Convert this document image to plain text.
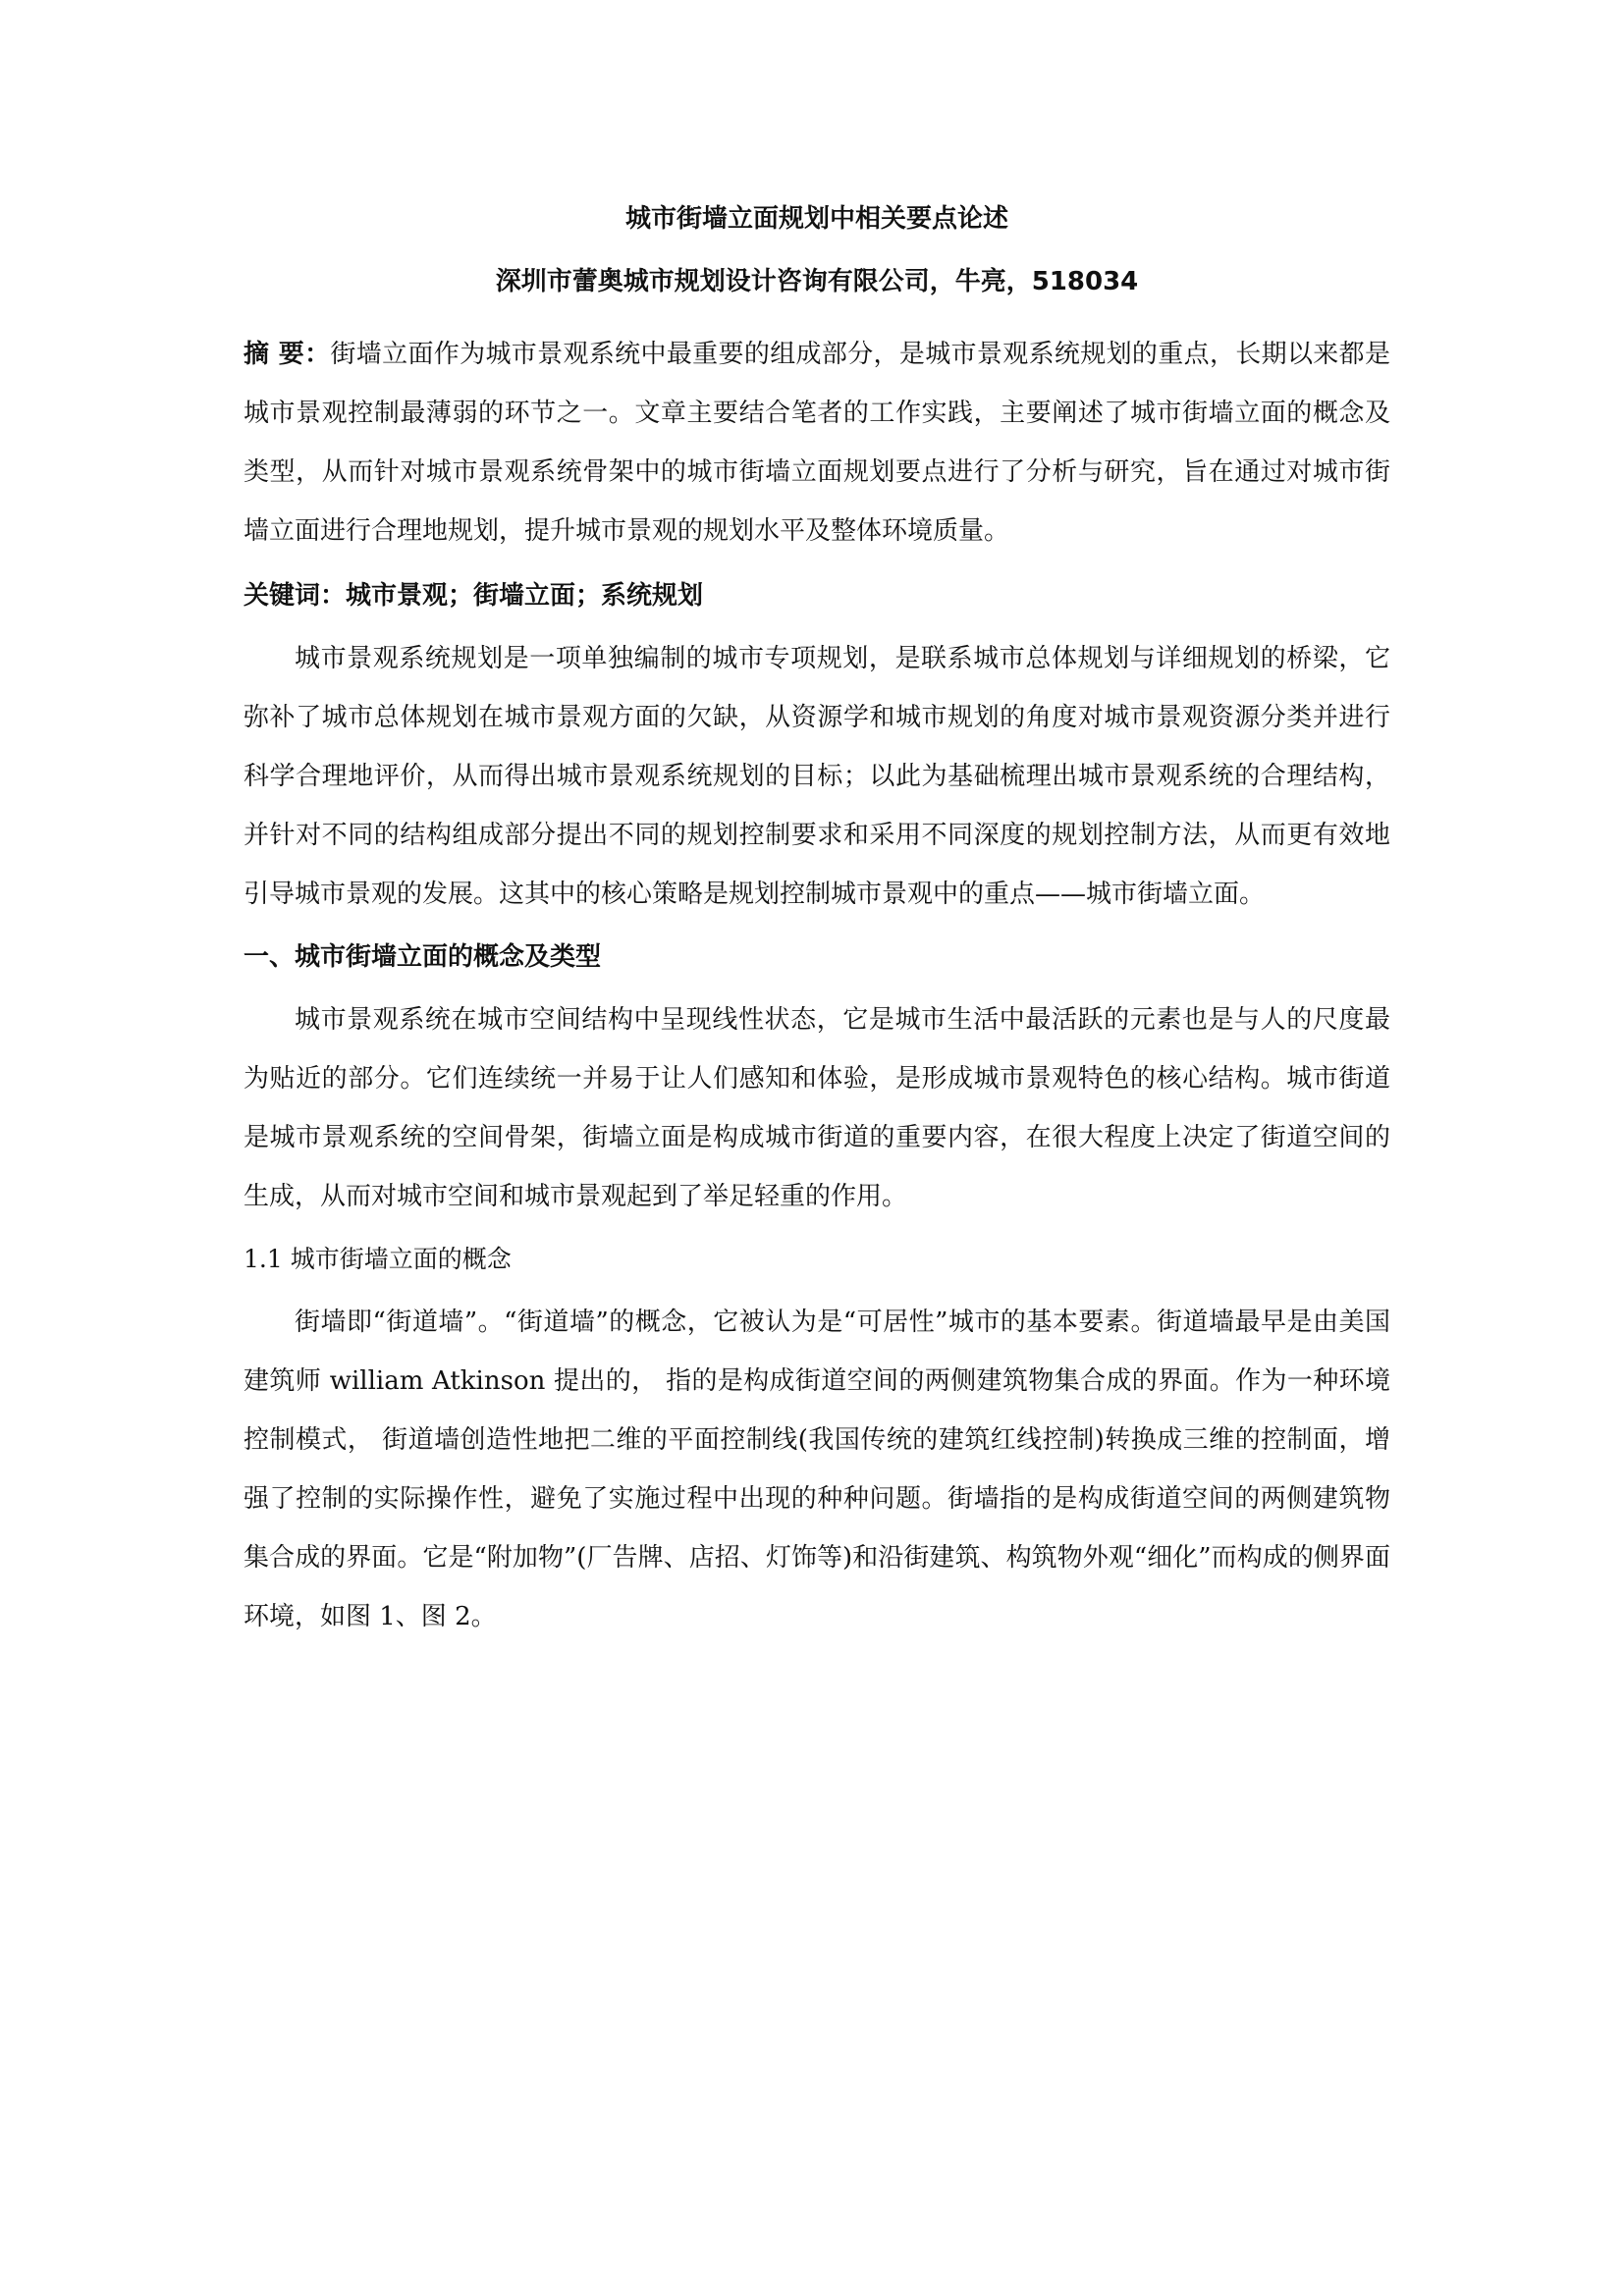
城市街墙立面规划中相关要点论述
深圳市蕾奥城市规划设计咨询有限公司，牛亮，518034

摘 要：街墙立面作为城市景观系统中最重要的组成部分，是城市景观系统规划的重点，长期以来都是城市景观控制最薄弱的环节之一。文章主要结合笔者的工作实践，主要阐述了城市街墙立面的概念及类型，从而针对城市景观系统骨架中的城市街墙立面规划要点进行了分析与研究，旨在通过对城市街墙立面进行合理地规划，提升城市景观的规划水平及整体环境质量。

关键词：城市景观；街墙立面；系统规划

城市景观系统规划是一项单独编制的城市专项规划，是联系城市总体规划与详细规划的桥梁，它弥补了城市总体规划在城市景观方面的欠缺，从资源学和城市规划的角度对城市景观资源分类并进行科学合理地评价，从而得出城市景观系统规划的目标；以此为基础梳理出城市景观系统的合理结构，并针对不同的结构组成部分提出不同的规划控制要求和采用不同深度的规划控制方法，从而更有效地引导城市景观的发展。这其中的核心策略是规划控制城市景观中的重点——城市街墙立面。

一、城市街墙立面的概念及类型

城市景观系统在城市空间结构中呈现线性状态，它是城市生活中最活跃的元素也是与人的尺度最为贴近的部分。它们连续统一并易于让人们感知和体验，是形成城市景观特色的核心结构。城市街道是城市景观系统的空间骨架，街墙立面是构成城市街道的重要内容，在很大程度上决定了街道空间的生成，从而对城市空间和城市景观起到了举足轻重的作用。

1.1 城市街墙立面的概念

街墙即“街道墙”。“街道墙”的概念，它被认为是“可居性”城市的基本要素。街道墙最早是由美国建筑师 william Atkinson 提出的， 指的是构成街道空间的两侧建筑物集合成的界面。作为一种环境控制模式， 街道墙创造性地把二维的平面控制线(我国传统的建筑红线控制)转换成三维的控制面，增强了控制的实际操作性，避免了实施过程中出现的种种问题。街墙指的是构成街道空间的两侧建筑物集合成的界面。它是“附加物”(厂告牌、店招、灯饰等)和沿街建筑、构筑物外观“细化”而构成的侧界面环境，如图 1、图 2。
